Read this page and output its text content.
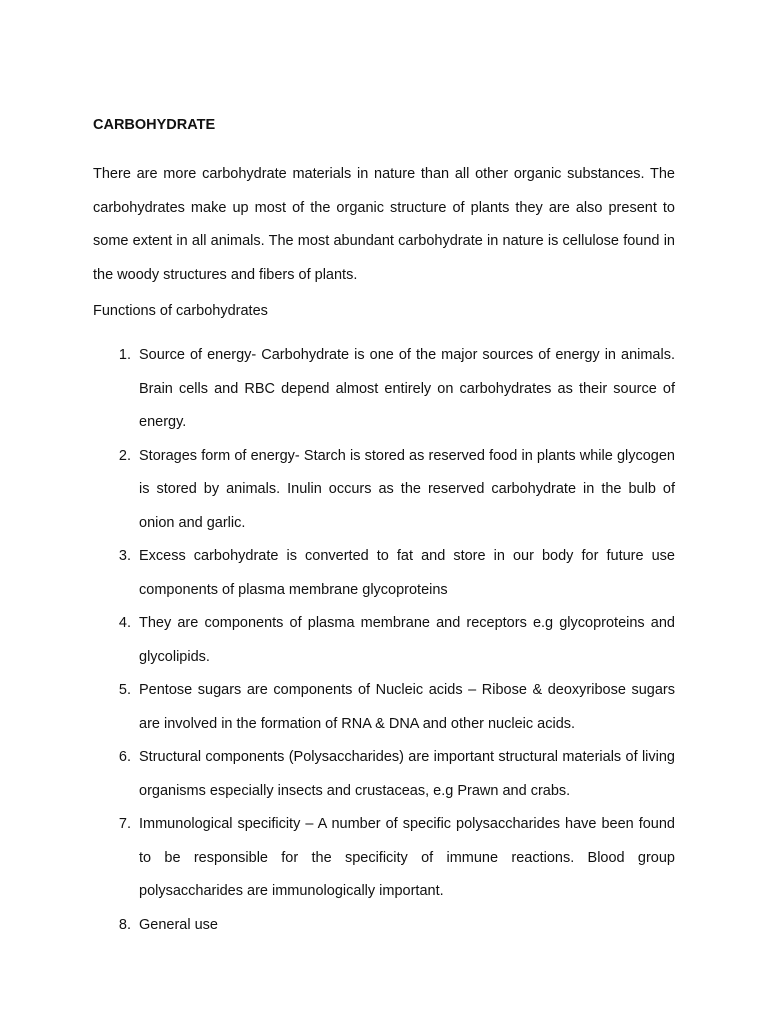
CARBOHYDRATE

There are more carbohydrate materials in nature than all other organic substances. The carbohydrates make up most of the organic structure of plants they are also present to some extent in all animals. The most abundant carbohydrate in nature is cellulose found in the woody structures and fibers of plants.

Functions of carbohydrates
1. Source of energy- Carbohydrate is one of the major sources of energy in animals. Brain cells and RBC depend almost entirely on carbohydrates as their source of energy.
2. Storages form of energy- Starch is stored as reserved food in plants while glycogen is stored by animals. Inulin occurs as the reserved carbohydrate in the bulb of onion and garlic.
3. Excess carbohydrate is converted to fat and store in our body for future use components of plasma membrane glycoproteins
4. They are components of plasma membrane and receptors e.g glycoproteins and glycolipids.
5. Pentose sugars are components of Nucleic acids – Ribose & deoxyribose sugars are involved in the formation of RNA & DNA and other nucleic acids.
6. Structural components (Polysaccharides) are important structural materials of living organisms especially insects and crustaceas, e.g Prawn and crabs.
7. Immunological specificity – A number of specific polysaccharides have been found to be responsible for the specificity of immune reactions. Blood group polysaccharides are immunologically important.
8. General use
